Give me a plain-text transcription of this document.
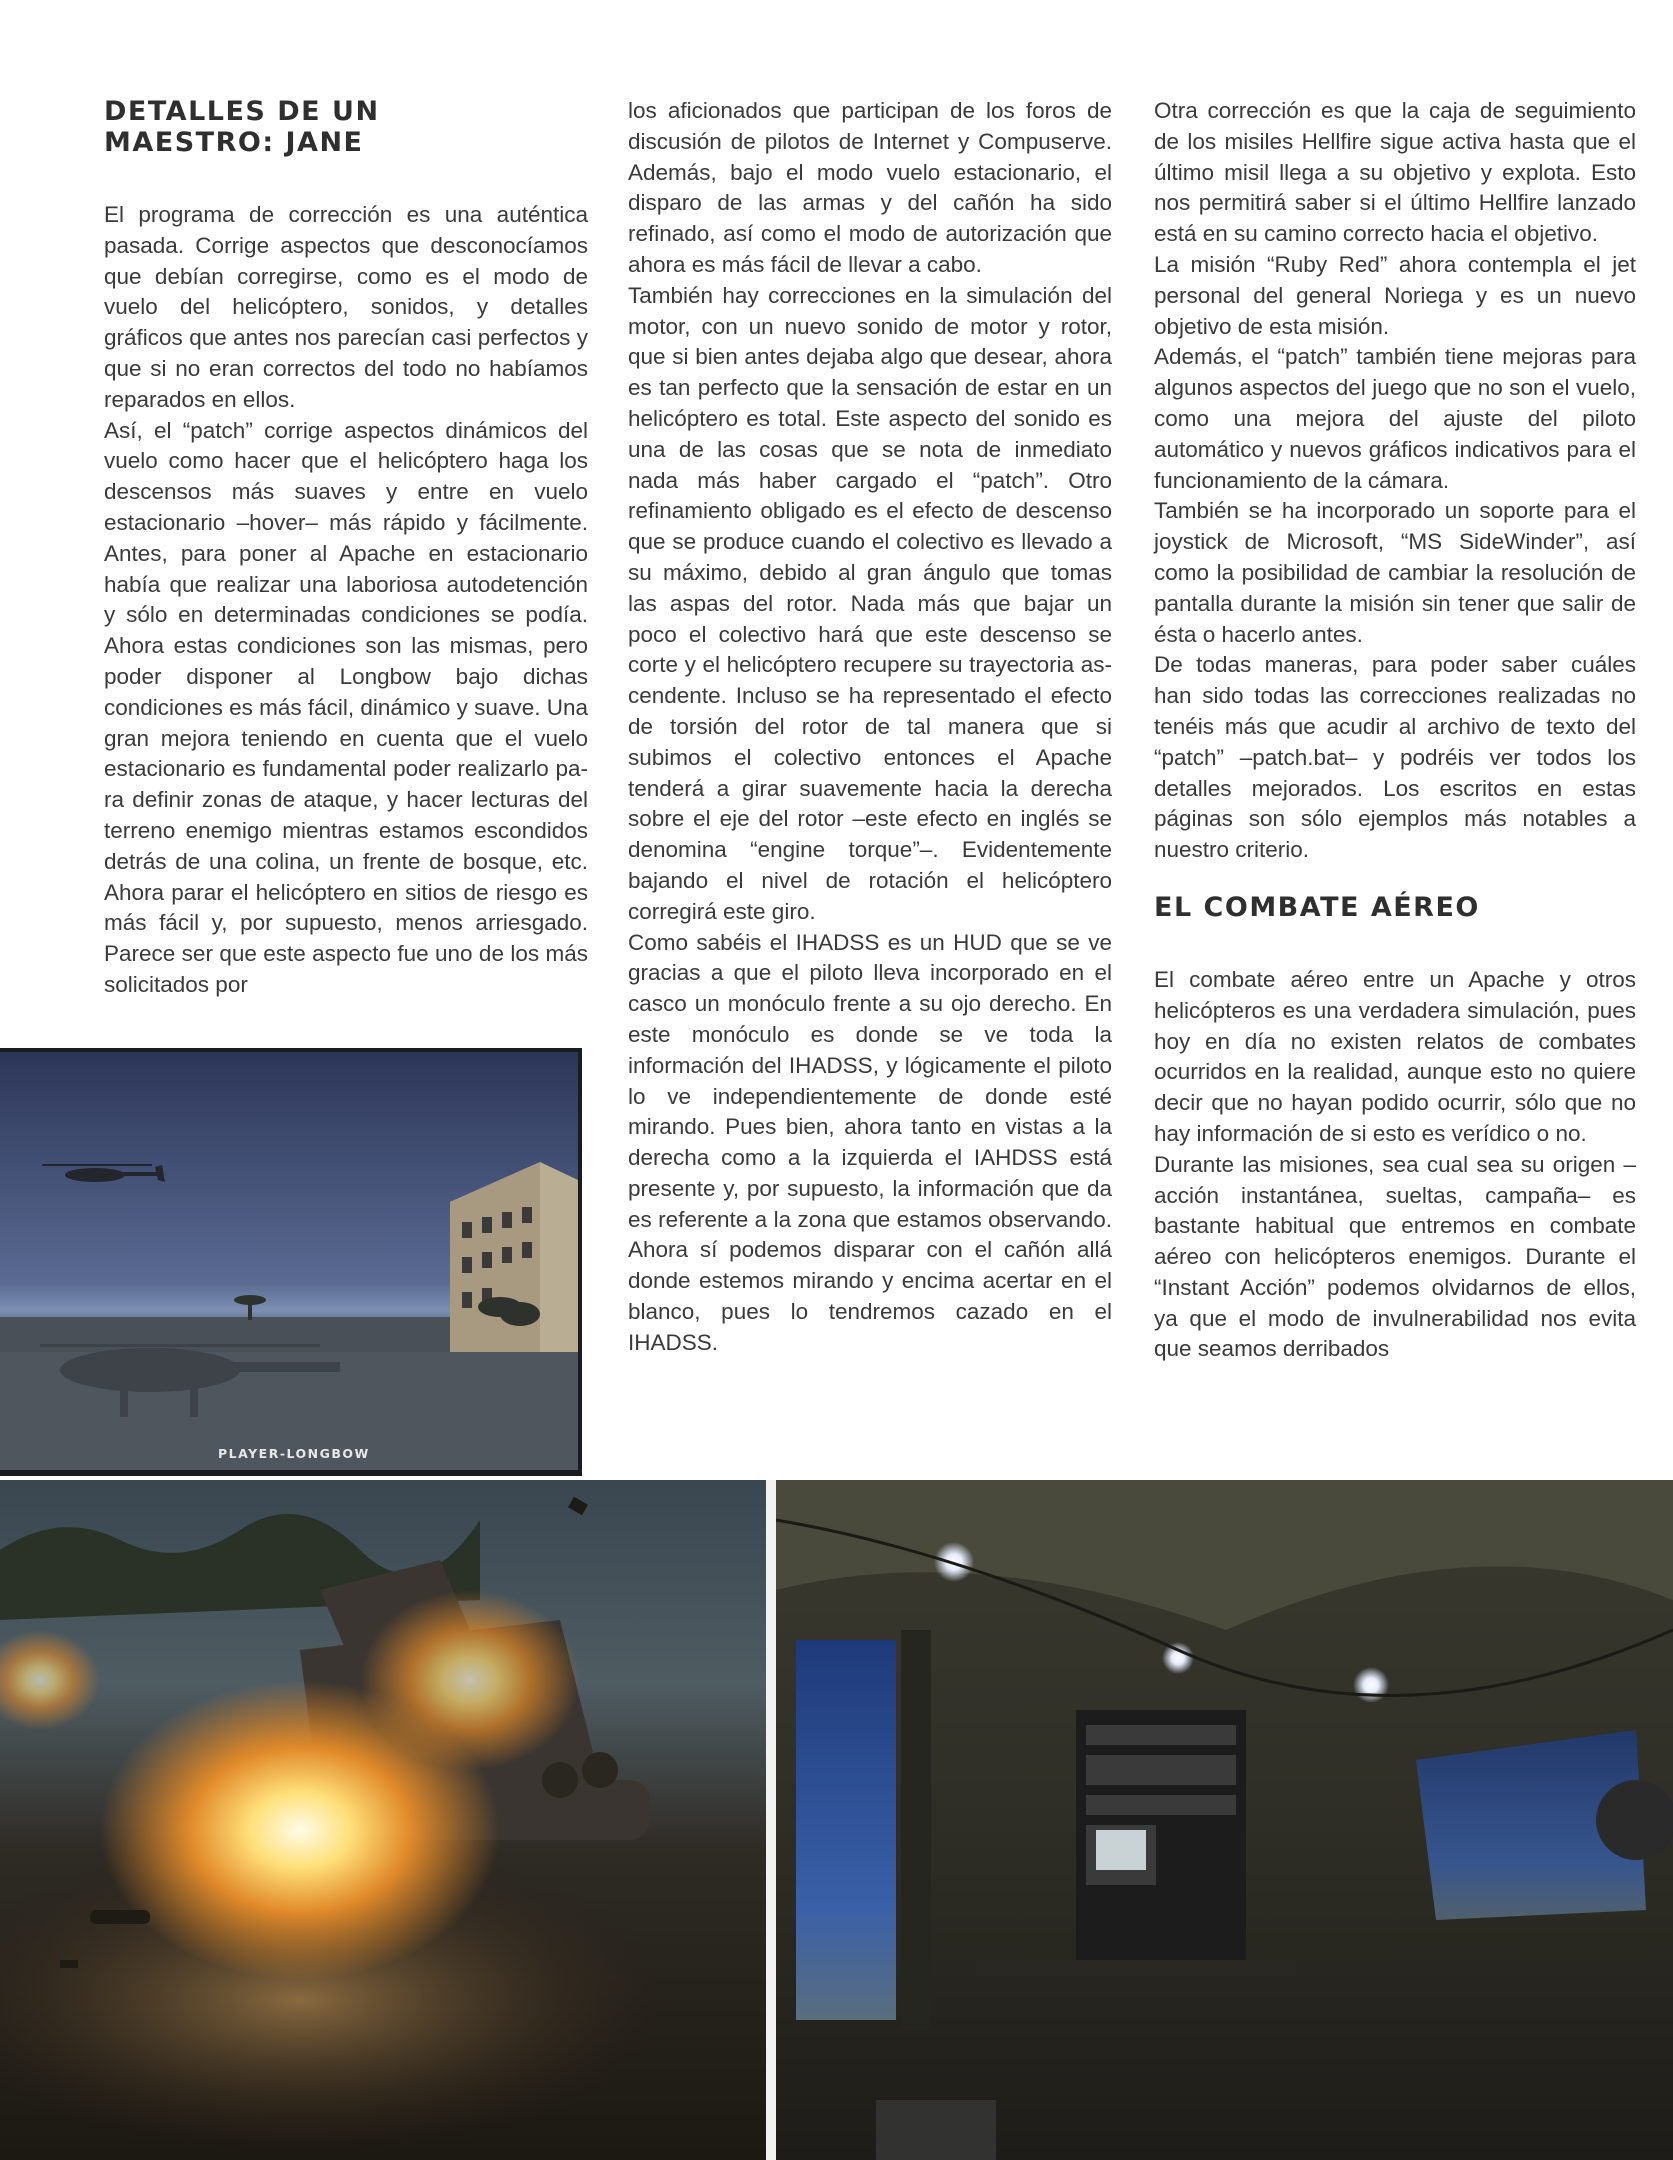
DETALLES DE UN
MAESTRO: JANE

El programa de corrección es una auténtica pasada. Corrige aspectos que desconocíamos que debían corregirse, como es el modo de vuelo del helicóptero, sonidos, y detalles gráficos que antes nos parecían casi perfectos y que si no eran correctos del todo no habíamos reparados en ellos.

Así, el “patch” corrige aspectos dinámicos del vuelo como hacer que el helicóptero haga los descensos más suaves y entre en vuelo estacionario –hover– más rápido y fácilmente. Antes, para poner al Apache en estacionario había que realizar una laboriosa autodetención y sólo en determinadas condiciones se podía. Ahora estas condiciones son las mismas, pero poder disponer al Longbow bajo dichas condiciones es más fácil, dinámico y suave. Una gran mejora teniendo en cuenta que el vuelo estacionario es fundamental poder realizarlo para definir zonas de ataque, y hacer lecturas del terreno enemigo mientras estamos escondidos detrás de una colina, un frente de bosque, etc. Ahora parar el helicóptero en sitios de riesgo es más fácil y, por supuesto, menos arriesgado. Parece ser que este aspecto fue uno de los más solicitados por

los aficionados que participan de los foros de discusión de pilotos de Internet y Compuserve. Además, bajo el modo vuelo estacionario, el disparo de las armas y del cañón ha sido refinado, así como el modo de autorización que ahora es más fácil de llevar a cabo.

También hay correcciones en la simulación del motor, con un nuevo sonido de motor y rotor, que si bien antes dejaba algo que desear, ahora es tan perfecto que la sensación de estar en un helicóptero es total. Este aspecto del sonido es una de las cosas que se nota de inmediato nada más haber cargado el “patch”. Otro refinamiento obligado es el efecto de descenso que se produce cuando el colectivo es llevado a su máximo, debido al gran ángulo que tomas las aspas del rotor. Nada más que bajar un poco el colectivo hará que este descenso se corte y el helicóptero recupere su trayectoria ascendente. Incluso se ha representado el efecto de torsión del rotor de tal manera que si subimos el colectivo entonces el Apache tenderá a girar suavemente hacia la derecha sobre el eje del rotor –este efecto en inglés se denomina “engine torque”–. Evidentemente bajando el nivel de rotación el helicóptero corregirá este giro.

Como sabéis el IHADSS es un HUD que se ve gracias a que el piloto lleva incorporado en el casco un monóculo frente a su ojo derecho. En este monóculo es donde se ve toda la información del IHADSS, y lógicamente el piloto lo ve independientemente de donde esté mirando. Pues bien, ahora tanto en vistas a la derecha como a la izquierda el IAHDSS está presente y, por supuesto, la información que da es referente a la zona que estamos observando. Ahora sí podemos disparar con el cañón allá donde estemos mirando y encima acertar en el blanco, pues lo tendremos cazado en el IHADSS.

Otra corrección es que la caja de seguimiento de los misiles Hellfire sigue activa hasta que el último misil llega a su objetivo y explota. Esto nos permitirá saber si el último Hellfire lanzado está en su camino correcto hacia el objetivo.

La misión “Ruby Red” ahora contempla el jet personal del general Noriega y es un nuevo objetivo de esta misión.

Además, el “patch” también tiene mejoras para algunos aspectos del juego que no son el vuelo, como una mejora del ajuste del piloto automático y nuevos gráficos indicativos para el funcionamiento de la cámara.

También se ha incorporado un soporte para el joystick de Microsoft, “MS SideWinder”, así como la posibilidad de cambiar la resolución de pantalla durante la misión sin tener que salir de ésta o hacerlo antes.

De todas maneras, para poder saber cuáles han sido todas las correcciones realizadas no tenéis más que acudir al archivo de texto del “patch” –patch.bat– y podréis ver todos los detalles mejorados. Los escritos en estas páginas son sólo ejemplos más notables a nuestro criterio.

EL COMBATE AÉREO

El combate aéreo entre un Apache y otros helicópteros es una verdadera simulación, pues hoy en día no existen relatos de combates ocurridos en la realidad, aunque esto no quiere decir que no hayan podido ocurrir, sólo que no hay información de si esto es verídico o no.

Durante las misiones, sea cual sea su origen –acción instantánea, sueltas, campaña– es bastante habitual que entremos en combate aéreo con helicópteros enemigos. Durante el “Instant Acción” podemos olvidarnos de ellos, ya que el modo de invulnerabilidad nos evita que seamos derribados

PLAYER-LONGBOW
